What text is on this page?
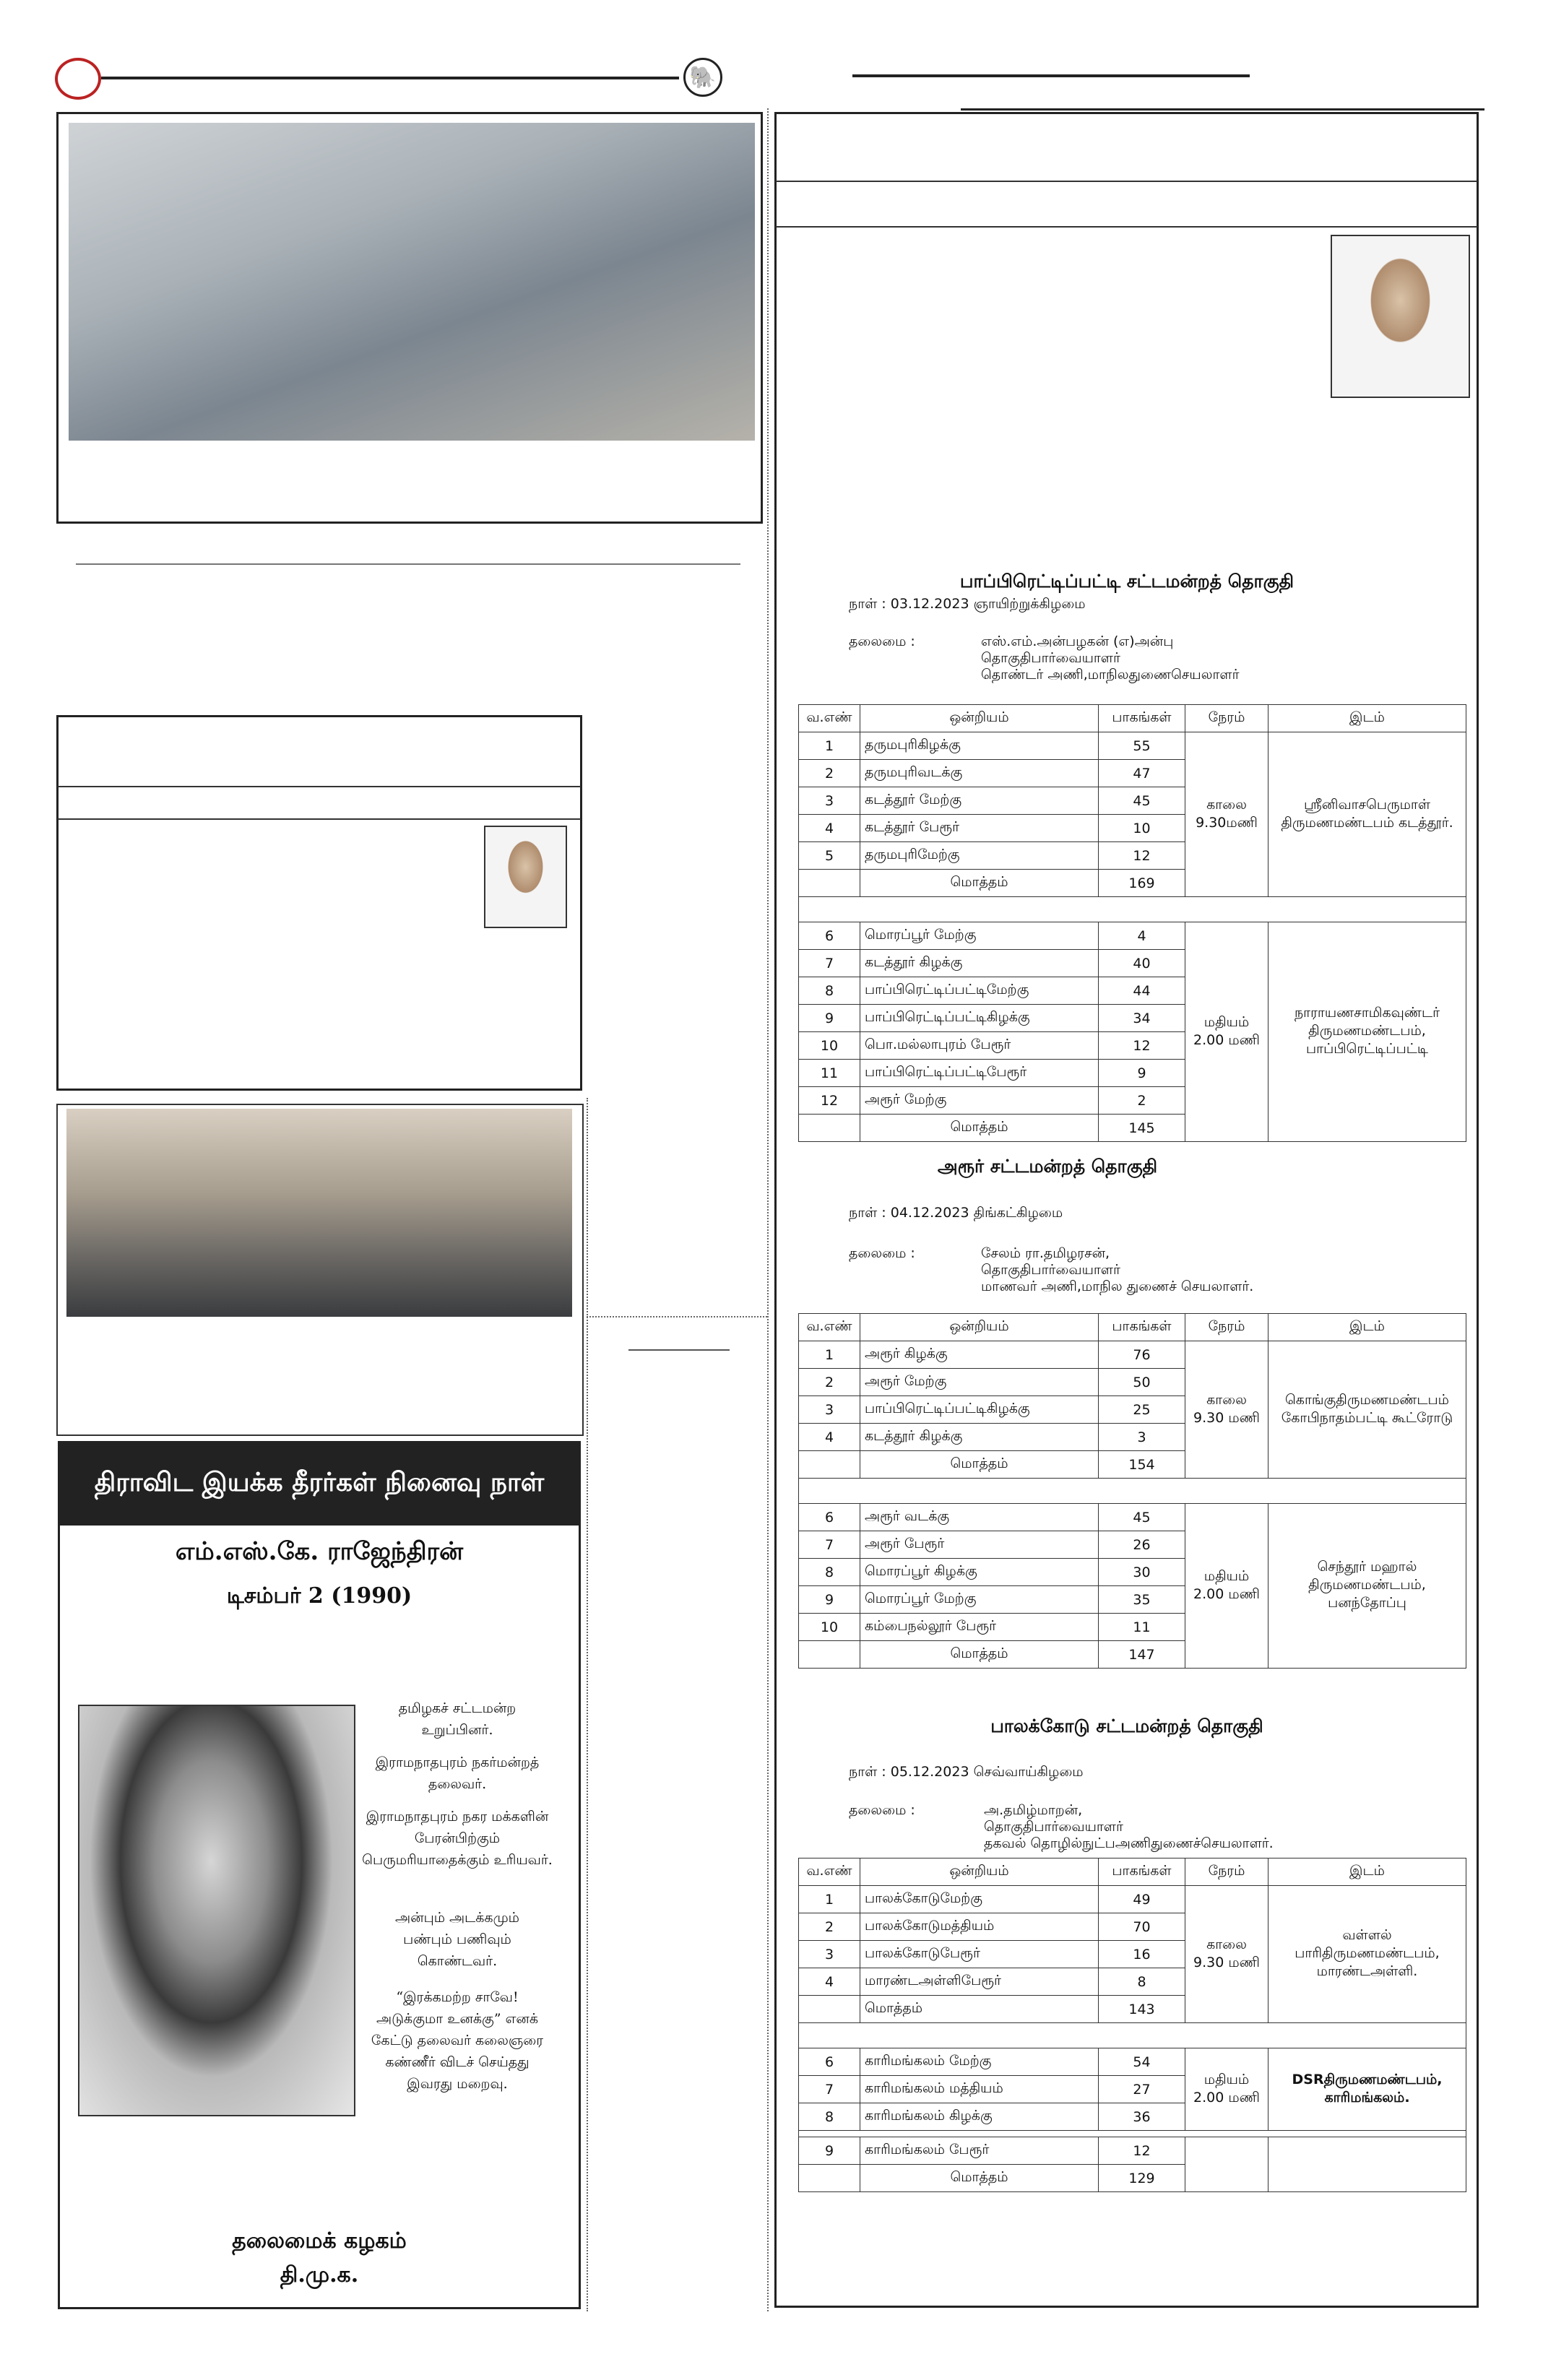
🐘
திராவிட இயக்க தீரர்கள் நினைவு நாள்
எம்.எஸ்.கே. ராஜேந்திரன்
டிசம்பர் 2 (1990)
தமிழகச் சட்டமன்ற உறுப்பினர்.
இராமநாதபுரம் நகர்மன்றத் தலைவர்.
இராமநாதபுரம் நகர மக்களின் பேரன்பிற்கும் பெருமரியாதைக்கும் உரியவர்.
அன்பும் அடக்கமும் பண்பும் பணிவும் கொண்டவர்.
“இரக்கமற்ற சாவே! அடுக்குமா உனக்கு” எனக் கேட்டு தலைவர் கலைஞரை கண்ணீர் விடச் செய்தது இவரது மறைவு.
தலைமைக் கழகம்
தி.மு.க.
பாப்பிரெட்டிப்பட்டி சட்டமன்றத் தொகுதி
நாள் : 03.12.2023 ஞாயிற்றுக்கிழமை
தலைமை :	எஸ்.எம்.அன்பழகன் (எ)அன்பு
தொகுதிபார்வையாளர்
தொண்டர் அணி,மாநிலதுணைசெயலாளர்
வ.எண்	ஒன்றியம்	பாகங்கள்	நேரம்	இடம்
1	தருமபுரிகிழக்கு	55	காலை 9.30மணி	ஸ்ரீனிவாசபெருமாள் திருமணமண்டபம் கடத்தூர்.
2	தருமபுரிவடக்கு	47		
3	கடத்தூர் மேற்கு	45		
4	கடத்தூர் பேரூர்	10		
5	தருமபுரிமேற்கு	12		
	மொத்தம்	169		

6	மொரப்பூர் மேற்கு	4	மதியம் 2.00 மணி	நாராயணசாமிகவுண்டர் திருமணமண்டபம், பாப்பிரெட்டிப்பட்டி
7	கடத்தூர் கிழக்கு	40		
8	பாப்பிரெட்டிப்பட்டிமேற்கு	44		
9	பாப்பிரெட்டிப்பட்டிகிழக்கு	34		
10	பொ.மல்லாபுரம் பேரூர்	12		
11	பாப்பிரெட்டிப்பட்டிபேரூர்	9		
12	அரூர் மேற்கு	2		
	மொத்தம்	145		
அரூர் சட்டமன்றத் தொகுதி
நாள் : 04.12.2023 திங்கட்கிழமை
தலைமை :	சேலம் ரா.தமிழரசன்,
தொகுதிபார்வையாளர்
மாணவர் அணி,மாநில துணைச் செயலாளர்.
வ.எண்	ஒன்றியம்	பாகங்கள்	நேரம்	இடம்
1	அரூர் கிழக்கு	76	காலை 9.30 மணி	கொங்குதிருமணமண்டபம் கோபிநாதம்பட்டி கூட்ரோடு
2	அரூர் மேற்கு	50		
3	பாப்பிரெட்டிப்பட்டிகிழக்கு	25		
4	கடத்தூர் கிழக்கு	3		
	மொத்தம்	154		

6	அரூர் வடக்கு	45	மதியம் 2.00 மணி	செந்தூர் மஹால் திருமணமண்டபம், பனந்தோப்பு
7	அரூர் பேரூர்	26		
8	மொரப்பூர் கிழக்கு	30		
9	மொரப்பூர் மேற்கு	35		
10	கம்பைநல்லூர் பேரூர்	11		
	மொத்தம்	147		
பாலக்கோடு சட்டமன்றத் தொகுதி
நாள் : 05.12.2023 செவ்வாய்கிழமை
தலைமை :	அ.தமிழ்மாறன்,
தொகுதிபார்வையாளர்
தகவல் தொழில்நுட்பஅணிதுணைச்செயலாளர்.
வ.எண்	ஒன்றியம்	பாகங்கள்	நேரம்	இடம்
1	பாலக்கோடுமேற்கு	49	காலை 9.30 மணி	வள்ளல் பாரிதிருமணமண்டபம், மாரண்டஅள்ளி.
2	பாலக்கோடுமத்தியம்	70		
3	பாலக்கோடுபேரூர்	16		
4	மாரண்டஅள்ளிபேரூர்	8		
	மொத்தம்	143		

6	காரிமங்கலம் மேற்கு	54	மதியம் 2.00 மணி	DSRதிருமணமண்டபம், காரிமங்கலம்.
7	காரிமங்கலம் மத்தியம்	27		
8	காரிமங்கலம் கிழக்கு	36		

9	காரிமங்கலம் பேரூர்	12		
	மொத்தம்	129		
